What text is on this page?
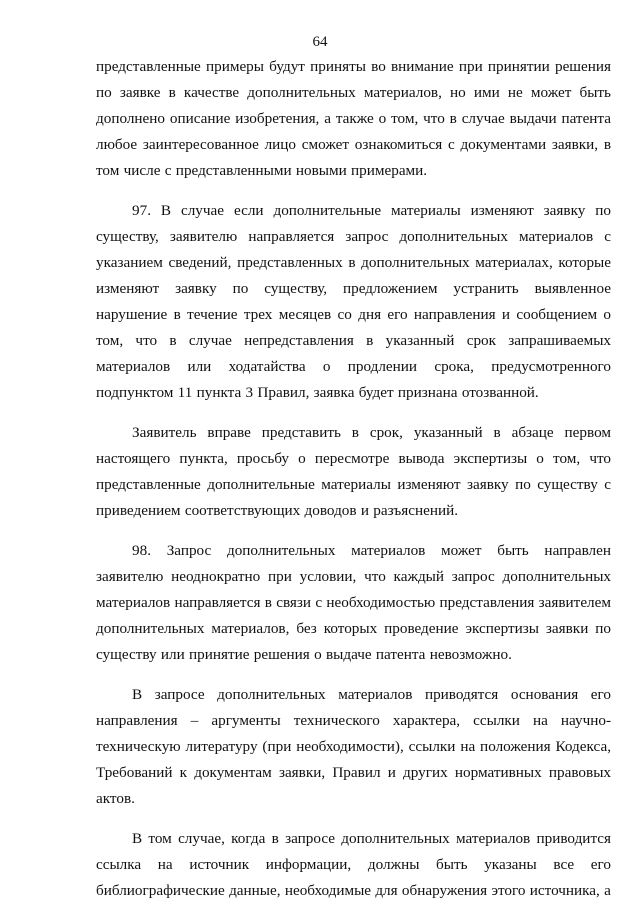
64

представленные примеры будут приняты во внимание при принятии решения по заявке в качестве дополнительных материалов, но ими не может быть дополнено описание изобретения, а также о том, что в случае выдачи патента любое заинтересованное лицо сможет ознакомиться с документами заявки, в том числе с представленными новыми примерами.

97. В случае если дополнительные материалы изменяют заявку по существу, заявителю направляется запрос дополнительных материалов с указанием сведений, представленных в дополнительных материалах, которые изменяют заявку по существу, предложением устранить выявленное нарушение в течение трех месяцев со дня его направления и сообщением о том, что в случае непредставления в указанный срок запрашиваемых материалов или ходатайства о продлении срока, предусмотренного подпунктом 11 пункта 3 Правил, заявка будет признана отозванной.

Заявитель вправе представить в срок, указанный в абзаце первом настоящего пункта, просьбу о пересмотре вывода экспертизы о том, что представленные дополнительные материалы изменяют заявку по существу с приведением соответствующих доводов и разъяснений.

98. Запрос дополнительных материалов может быть направлен заявителю неоднократно при условии, что каждый запрос дополнительных материалов направляется в связи с необходимостью представления заявителем дополнительных материалов, без которых проведение экспертизы заявки по существу или принятие решения о выдаче патента невозможно.

В запросе дополнительных материалов приводятся основания его направления – аргументы технического характера, ссылки на научно-техническую литературу (при необходимости), ссылки на положения Кодекса, Требований к документам заявки, Правил и других нормативных правовых актов.

В том случае, когда в запросе дополнительных материалов приводится ссылка на источник информации, должны быть указаны все его библиографические данные, необходимые для обнаружения этого источника, а
